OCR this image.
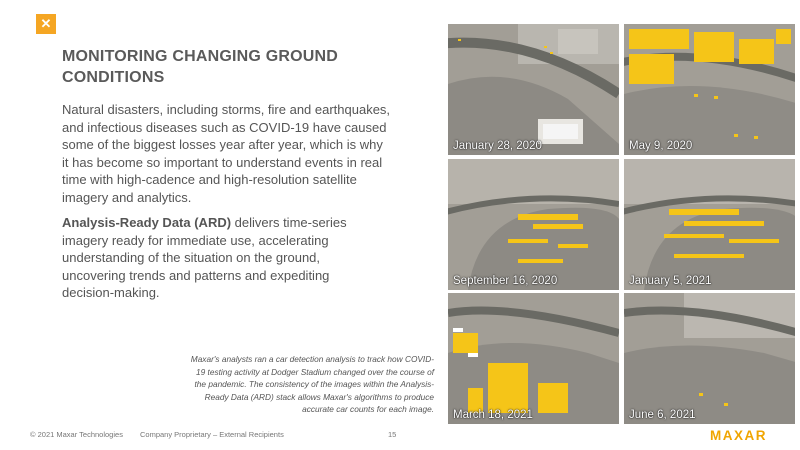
✕
MONITORING CHANGING GROUND CONDITIONS
Natural disasters, including storms, fire and earthquakes, and infectious diseases such as COVID-19 have caused some of the biggest losses year after year, which is why it has become so important to understand events in real time with high-cadence and high-resolution satellite imagery and analytics.
Analysis-Ready Data (ARD) delivers time-series imagery ready for immediate use, accelerating understanding of the situation on the ground, uncovering trends and patterns and expediting decision-making.
Maxar's analysts ran a car detection analysis to track how COVID-19 testing activity at Dodger Stadium changed over the course of the pandemic. The consistency of the images within the Analysis-Ready Data (ARD) stack allows Maxar's algorithms to produce accurate car counts for each image.
January 28, 2020	May 9, 2020
September 16, 2020	January 5, 2021
March 18, 2021	June 6, 2021
© 2021 Maxar Technologies Company Proprietary – External Recipients	15	MAXAR
